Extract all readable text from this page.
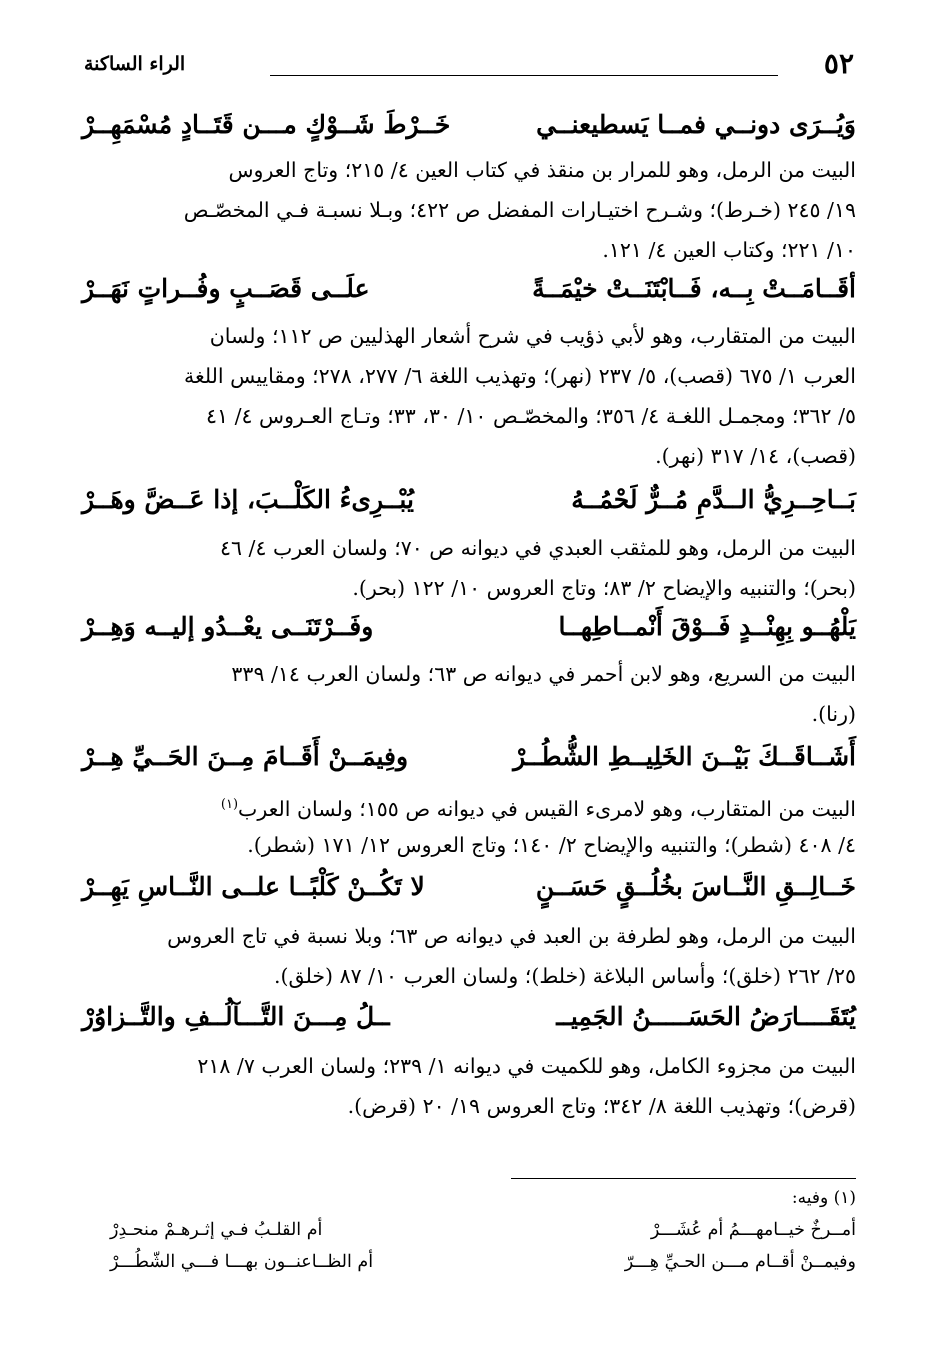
٥٢
الراء الساكنة
وَيُــرَى دونــي فمــا يَسطيعنــي
خَــرْطَ شَــوْكٍ مـــن قَتَــادٍ مُسْمَهِــرْ
البيت من الرمل، وهو للمرار بن منقذ في كتاب العين ٤/ ٢١٥؛ وتاج العروس
١٩/ ٢٤٥ (خـرط)؛ وشـرح اختيـارات المفضل ص ٤٢٢؛ وبـلا نسبـة فـي المخصّـص
١٠/ ٢٢١؛ وكتاب العين ٤/ ١٢١.
أقَــامَــتْ بِــه، فَــابْتَنَــتْ خيْمَــةً
علَــى قَصَــبٍ وفُــراتٍ نَهَــرْ
البيت من المتقارب، وهو لأبي ذؤيب في شرح أشعار الهذليين ص ١١٢؛ ولسان
العرب ١/ ٦٧٥ (قصب)، ٥/ ٢٣٧ (نهر)؛ وتهذيب اللغة ٦/ ٢٧٧، ٢٧٨؛ ومقاييس اللغة
٥/ ٣٦٢؛ ومجمـل اللغـة ٤/ ٣٥٦؛ والمخصّـص ١٠/ ٣٠، ٣٣؛ وتـاج العـروس ٤/ ٤١
(قصب)، ١٤/ ٣١٧ (نهر).
بَــاحِــرِيُّ الــدَّمِ مُــرٌّ لَحْمُــهُ
يُبْــرِىءُ الكَلْــبَ، إذا عَــضَّ وهَــرْ
البيت من الرمل، وهو للمثقب العبدي في ديوانه ص ٧٠؛ ولسان العرب ٤/ ٤٦
(بحر)؛ والتنبيه والإيضاح ٢/ ٨٣؛ وتاج العروس ١٠/ ١٢٢ (بحر).
يَلْهُــو بِهِنْــدٍ فَــوْقَ أَنْمــاطِهــا
وفَــرْتَنَــى يعْــدُو إليــه وَهِــرْ
البيت من السريع، وهو لابن أحمر في ديوانه ص ٦٣؛ ولسان العرب ١٤/ ٣٣٩
(رنا).
أَشَــاقَــكَ بَيْــنَ الخَلِيــطِ الشُّطُــرْ
وفِيمَــنْ أَقَــامَ مِــنَ الحَــيِّ هِــرْ
البيت من المتقارب، وهو لامرىء القيس في ديوانه ص ١٥٥؛ ولسان العرب$^{(١)}$
٤/ ٤٠٨ (شطر)؛ والتنبيه والإيضاح ٢/ ١٤٠؛ وتاج العروس ١٢/ ١٧١ (شطر).
خَــالِــقِ النَّــاسَ بخُلُــقٍ حَسَــنٍ
لا تَكُــنْ كَلْبًــا علــى النَّــاسِ يَهِــرْ
البيت من الرمل، وهو لطرفة بن العبد في ديوانه ص ٦٣؛ وبلا نسبة في تاج العروس
٢٥/ ٢٦٢ (خلق)؛ وأساس البلاغة (خلط)؛ ولسان العرب ١٠/ ٨٧ (خلق).
يُتَقَــــارَضُ الحَسَـــــنُ الجَمِيــ
ــلُ مِـــنَ التَّـــآلُــفِ والتَّــزاوُرْ
البيت من مجزوء الكامل، وهو للكميت في ديوانه ١/ ٢٣٩؛ ولسان العرب ٧/ ٢١٨
(قرض)؛ وتهذيب اللغة ٨/ ٣٤٢؛ وتاج العروس ١٩/ ٢٠ (قرض).
(١) وفيه:
أمــرخٌ خيــامهـــمُ أم عُشَـــرْ
أم القلـبُ فـي إثـرهـمْ منحـدِرْ
وفيمــنْ أقــام مـــن الحـيِّ هِـــرّ
أم الظــاعنــون بهـــا فـــي الشّطُـــرْ
